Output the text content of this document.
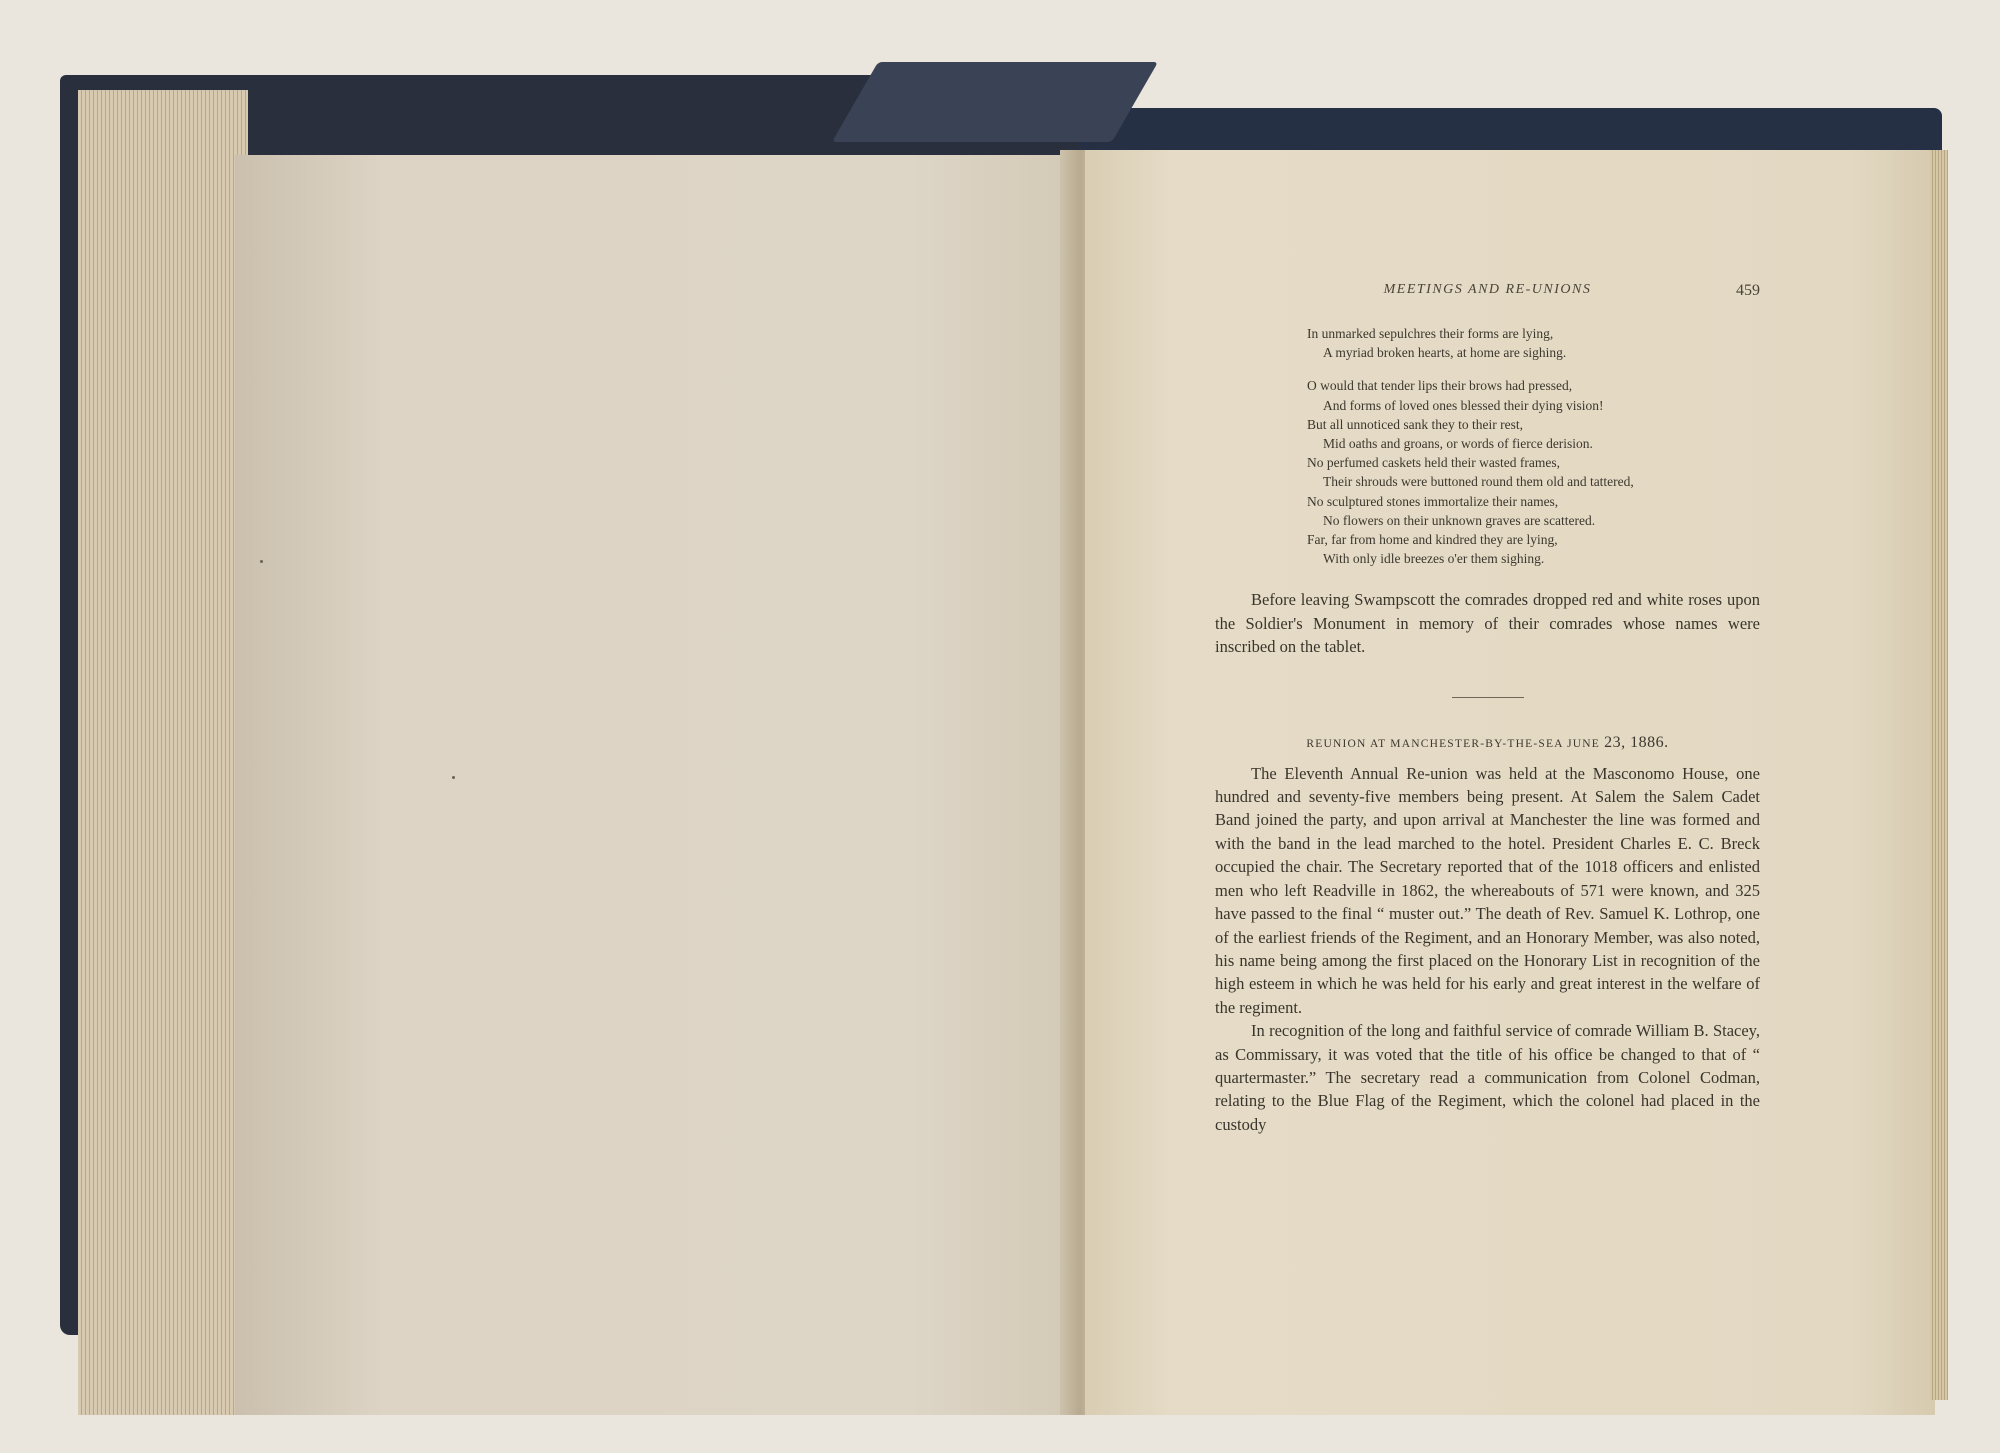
MEETINGS AND RE-UNIONS	459
In unmarked sepulchres their forms are lying,
A myriad broken hearts, at home are sighing.
O would that tender lips their brows had pressed,
And forms of loved ones blessed their dying vision!
But all unnoticed sank they to their rest,
Mid oaths and groans, or words of fierce derision.
No perfumed caskets held their wasted frames,
Their shrouds were buttoned round them old and tattered,
No sculptured stones immortalize their names,
No flowers on their unknown graves are scattered.
Far, far from home and kindred they are lying,
With only idle breezes o'er them sighing.

Before leaving Swampscott the comrades dropped red and white roses upon the Soldier's Monument in memory of their comrades whose names were inscribed on the tablet.

REUNION AT MANCHESTER-BY-THE-SEA JUNE 23, 1886.

The Eleventh Annual Re-union was held at the Masconomo House, one hundred and seventy-five members being present. At Salem the Salem Cadet Band joined the party, and upon arrival at Manchester the line was formed and with the band in the lead marched to the hotel. President Charles E. C. Breck occupied the chair. The Secretary reported that of the 1018 officers and enlisted men who left Readville in 1862, the whereabouts of 571 were known, and 325 have passed to the final “ muster out.” The death of Rev. Samuel K. Lothrop, one of the earliest friends of the Regiment, and an Honorary Member, was also noted, his name being among the first placed on the Honorary List in recognition of the high esteem in which he was held for his early and great interest in the welfare of the regiment.

In recognition of the long and faithful service of comrade William B. Stacey, as Commissary, it was voted that the title of his office be changed to that of “ quartermaster.” The secretary read a communication from Colonel Codman, relating to the Blue Flag of the Regiment, which the colonel had placed in the custody
